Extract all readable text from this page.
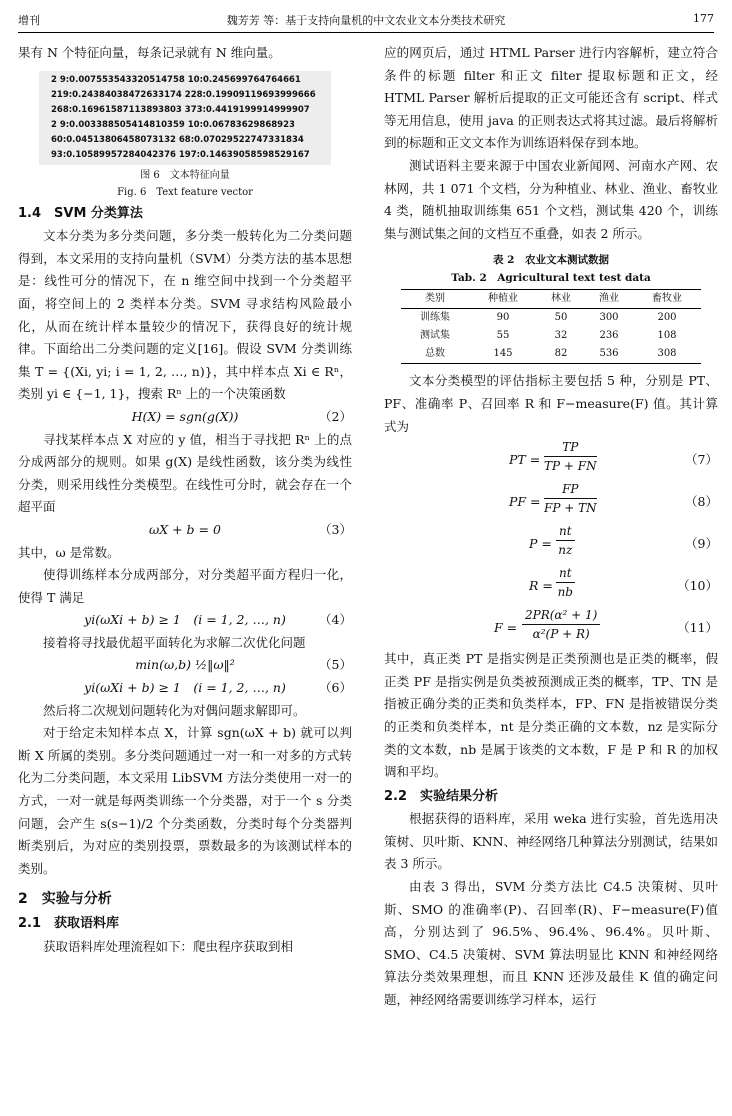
增刊	魏芳芳 等：基于支持向量机的中文农业文本分类技术研究	177

果有 N 个特征向量，每条记录就有 N 维向量。

2 9:0.007553543320514758 10:0.245699764764661
219:0.24384038472633174 228:0.19909119693999666
268:0.16961587113893803 373:0.4419199914999907
2 9:0.003388505414810359 10:0.06783629868923
60:0.04513806458073132 68:0.07029522747331834
93:0.10589957284042376 197:0.14639058598529167
图 6　文本特征向量
Fig. 6　Text feature vector
1.4　SVM 分类算法

文本分类为多分类问题，多分类一般转化为二分类问题得到，本文采用的支持向量机（SVM）分类方法的基本思想是：线性可分的情况下，在 n 维空间中找到一个分类超平面，将空间上的 2 类样本分类。SVM 寻求结构风险最小化，从而在统计样本量较少的情况下，获得良好的统计规律。下面给出二分类问题的定义[16]。假设 SVM 分类训练集 T = {(Xi, yi; i = 1, 2, …, n)}，其中样本点 Xi ∈ Rⁿ，类别 yi ∈ {−1, 1}，搜索 Rⁿ 上的一个决策函数

H(X) = sgn(g(X))	（2）

寻找某样本点 X 对应的 y 值，相当于寻找把 Rⁿ 上的点分成两部分的规则。如果 g(X) 是线性函数，该分类为线性分类，则采用线性分类模型。在线性可分时，就会存在一个超平面

ωX + b = 0	（3）

其中，ω 是常数。

使得训练样本分成两部分，对分类超平面方程归一化，使得 T 满足

yi(ωXi + b) ≥ 1　(i = 1, 2, …, n)	（4）

接着将寻找最优超平面转化为求解二次优化问题

min(ω,b) ½‖ω‖²	（5）
yi(ωXi + b) ≥ 1　(i = 1, 2, …, n)	（6）

然后将二次规划问题转化为对偶问题求解即可。

对于给定未知样本点 X，计算 sgn(ωX + b) 就可以判断 X 所属的类别。多分类问题通过一对一和一对多的方式转化为二分类问题，本文采用 LibSVM 方法分类使用一对一的方式，一对一就是每两类训练一个分类器，对于一个 s 分类问题，会产生 s(s−1)/2 个分类函数，分类时每个分类器判断类别后，为对应的类别投票，票数最多的为该测试样本的类别。

2　实验与分析
2.1　获取语料库

获取语料库处理流程如下：爬虫程序获取到相

应的网页后，通过 HTML Parser 进行内容解析，建立符合条件的标题 filter 和正文 filter 提取标题和正文，经 HTML Parser 解析后提取的正文可能还含有 script、样式等无用信息，使用 java 的正则表达式将其过滤。最后将解析到的标题和正文文本作为训练语料保存到本地。

测试语料主要来源于中国农业新闻网、河南水产网、农林网，共 1 071 个文档，分为种植业、林业、渔业、畜牧业 4 类，随机抽取训练集 651 个文档，测试集 420 个，训练集与测试集之间的文档互不重叠，如表 2 所示。

表 2　农业文本测试数据
Tab. 2　Agricultural text test data
类别	种植业	林业	渔业	畜牧业
训练集	90	50	300	200
测试集	55	32	236	108
总数	145	82	536	308

文本分类模型的评估指标主要包括 5 种，分别是 PT、PF、准确率 P、召回率 R 和 F−measure(F) 值。其计算式为

PT = $\frac{TP}{TP + FN}$	（7）
PF = $\frac{FP}{FP + TN}$	（8）
$P = \frac{nt}{nz}$	（9）
$R = \frac{nt}{nb}$	（10）
$F = \frac{\text{2PR(α² + 1)}}{\text{α²(P + R)}}$	（11）

其中，真正类 PT 是指实例是正类预测也是正类的概率，假正类 PF 是指实例是负类被预测成正类的概率，TP、TN 是指被正确分类的正类和负类样本，FP、FN 是指被错误分类的正类和负类样本，nt 是分类正确的文本数，nz 是实际分类的文本数，nb 是属于该类的文本数，F 是 P 和 R 的加权调和平均。

2.2　实验结果分析

根据获得的语料库，采用 weka 进行实验，首先选用决策树、贝叶斯、KNN、神经网络几种算法分别测试，结果如表 3 所示。

由表 3 得出，SVM 分类方法比 C4.5 决策树、贝叶斯、SMO 的准确率(P)、召回率(R)、F−measure(F)值高，分别达到了 96.5%、96.4%、96.4%。贝叶斯、SMO、C4.5 决策树、SVM 算法明显比 KNN 和神经网络算法分类效果理想，而且 KNN 还涉及最佳 K 值的确定问题，神经网络需要训练学习样本，运行
